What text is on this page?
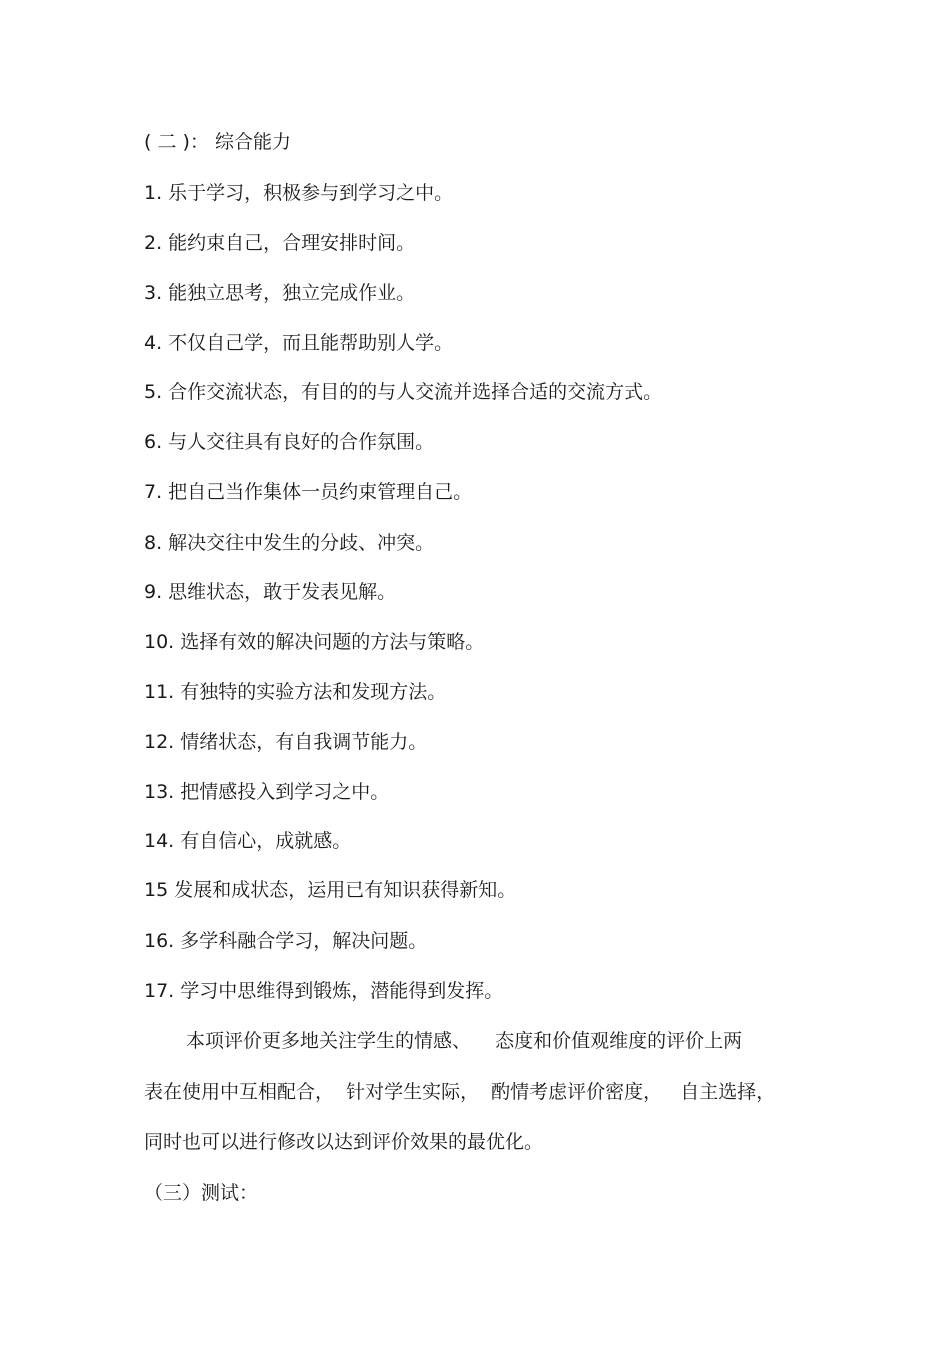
( 二 )： 综合能力
1. 乐于学习，积极参与到学习之中。
2. 能约束自己，合理安排时间。
3. 能独立思考，独立完成作业。
4. 不仅自己学，而且能帮助别人学。
5. 合作交流状态，有目的的与人交流并选择合适的交流方式。
6. 与人交往具有良好的合作氛围。
7. 把自己当作集体一员约束管理自己。
8. 解决交往中发生的分歧、冲突。
9. 思维状态，敢于发表见解。
10. 选择有效的解决问题的方法与策略。
11. 有独特的实验方法和发现方法。
12. 情绪状态，有自我调节能力。
13. 把情感投入到学习之中。
14. 有自信心，成就感。
15 发展和成状态，运用已有知识获得新知。
16. 多学科融合学习，解决问题。
17. 学习中思维得到锻炼，潜能得到发挥。
本项评价更多地关注学生的情感、    态度和价值观维度的评价上两
表在使用中互相配合，  针对学生实际，  酌情考虑评价密度，   自主选择，
同时也可以进行修改以达到评价效果的最优化。
（三）测试：
